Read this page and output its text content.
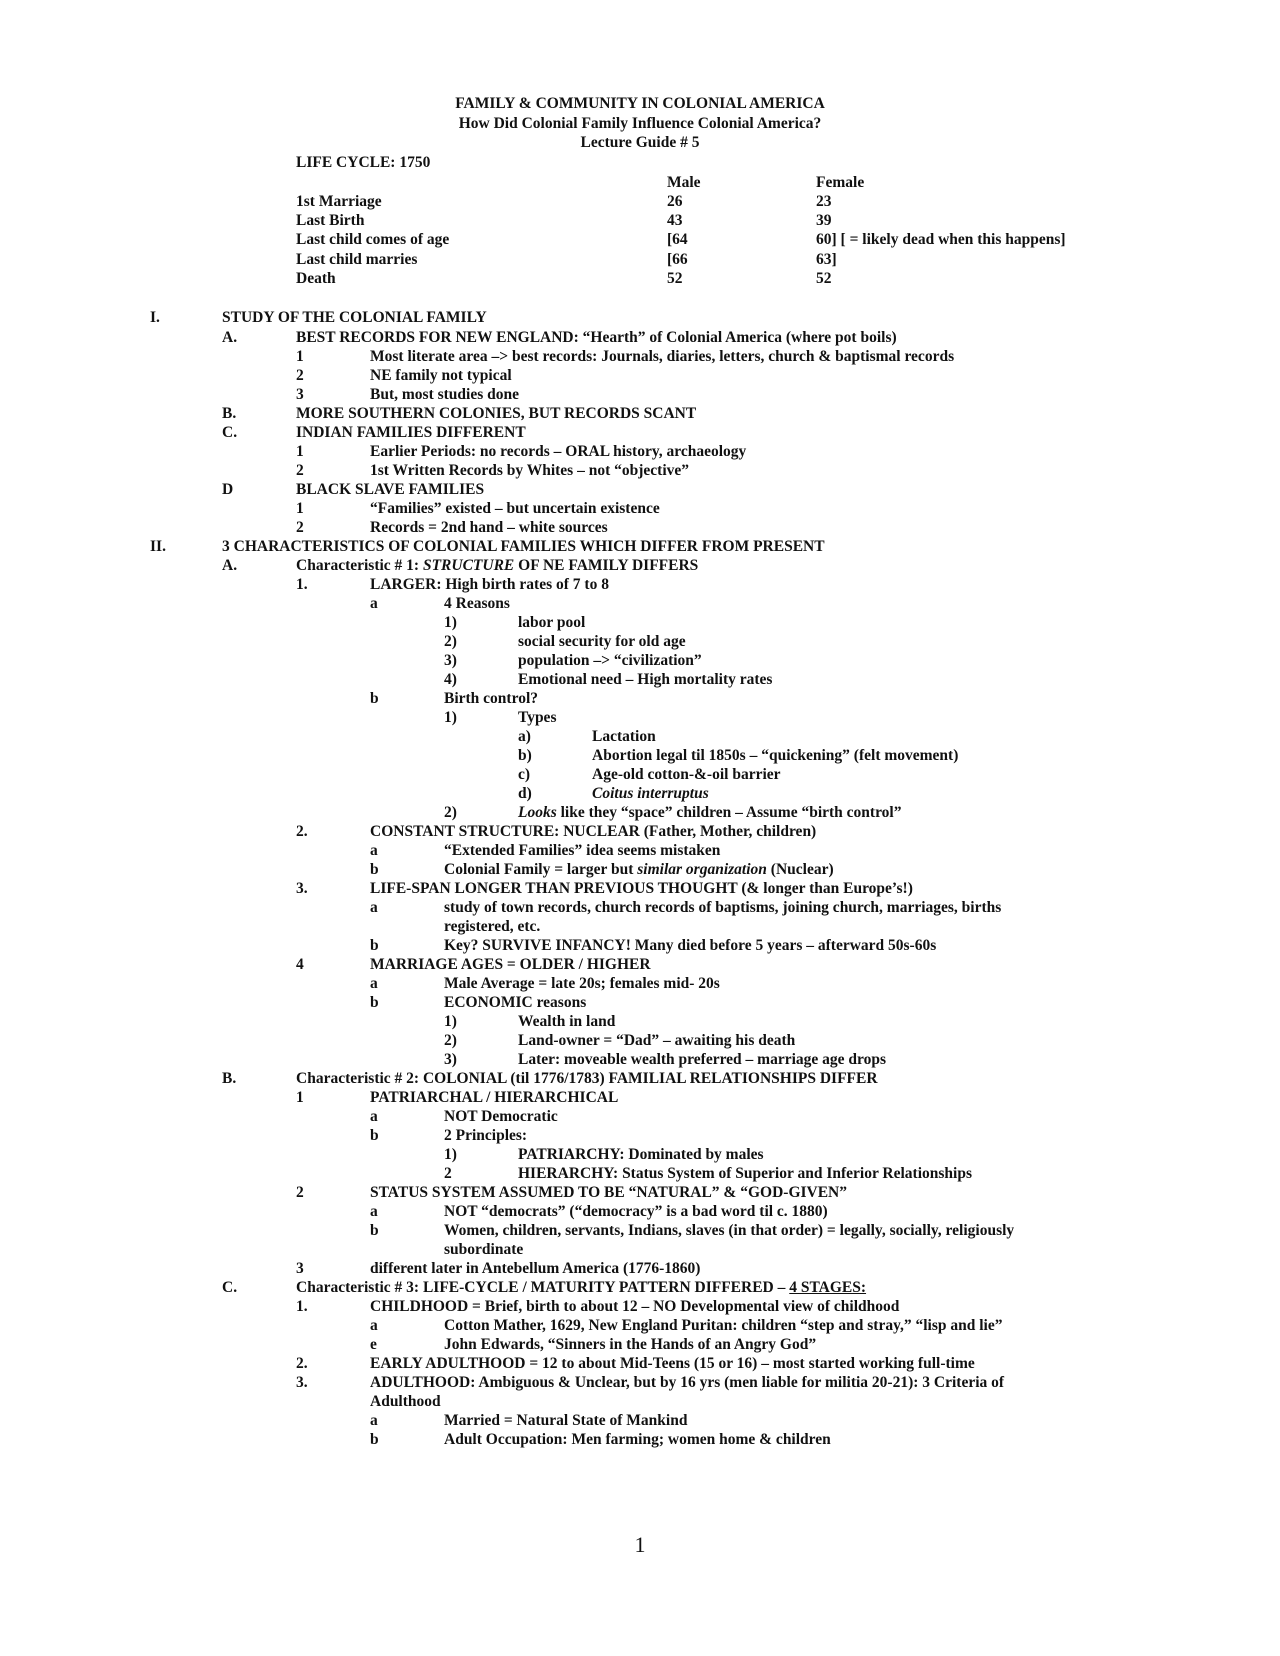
FAMILY & COMMUNITY IN COLONIAL AMERICA
How Did Colonial Family Influence Colonial America?
Lecture Guide # 5
LIFE CYCLE: 1750
Male	Female
1st Marriage	26	23
Last Birth	43	39
Last child comes of age	[64	60] [ = likely dead when this happens]
Last child marries	[66	63]
Death	52	52
I.	STUDY OF THE COLONIAL FAMILY
A.	BEST RECORDS FOR NEW ENGLAND: “Hearth” of Colonial America (where pot boils)
1	Most literate area –> best records: Journals, diaries, letters, church & baptismal records
2	NE family not typical
3	But, most studies done
B.	MORE SOUTHERN COLONIES, BUT RECORDS SCANT
C.	INDIAN FAMILIES DIFFERENT
1	Earlier Periods: no records – ORAL history, archaeology
2	1st Written Records by Whites – not “objective”
D	BLACK SLAVE FAMILIES
1	“Families” existed – but uncertain existence
2	Records = 2nd hand – white sources
II.	3 CHARACTERISTICS OF COLONIAL FAMILIES WHICH DIFFER FROM PRESENT
A.	Characteristic # 1: STRUCTURE OF NE FAMILY DIFFERS
1.	LARGER: High birth rates of 7 to 8
a	4 Reasons
1)	labor pool
2)	social security for old age
3)	population –> “civilization”
4)	Emotional need – High mortality rates
b	Birth control?
1)	Types
a)	Lactation
b)	Abortion legal til 1850s – “quickening” (felt movement)
c)	Age-old cotton-&-oil barrier
d)	Coitus interruptus
2)	Looks like they “space” children – Assume “birth control”
2.	CONSTANT STRUCTURE: NUCLEAR (Father, Mother, children)
a	“Extended Families” idea seems mistaken
b	Colonial Family = larger but similar organization (Nuclear)
3.	LIFE-SPAN LONGER THAN PREVIOUS THOUGHT (& longer than Europe’s!)
a	study of town records, church records of baptisms, joining church, marriages, births
registered, etc.
b	Key? SURVIVE INFANCY! Many died before 5 years – afterward 50s-60s
4	MARRIAGE AGES = OLDER / HIGHER
a	Male Average = late 20s; females mid- 20s
b	ECONOMIC reasons
1)	Wealth in land
2)	Land-owner = “Dad” – awaiting his death
3)	Later: moveable wealth preferred – marriage age drops
B.	Characteristic # 2: COLONIAL (til 1776/1783) FAMILIAL RELATIONSHIPS DIFFER
1	PATRIARCHAL / HIERARCHICAL
a	NOT Democratic
b	2 Principles:
1)	PATRIARCHY: Dominated by males
2	HIERARCHY: Status System of Superior and Inferior Relationships
2	STATUS SYSTEM ASSUMED TO BE “NATURAL” & “GOD-GIVEN”
a	NOT “democrats” (“democracy” is a bad word til c. 1880)
b	Women, children, servants, Indians, slaves (in that order) = legally, socially, religiously
subordinate
3	different later in Antebellum America (1776-1860)
C.	Characteristic # 3: LIFE-CYCLE / MATURITY PATTERN DIFFERED – 4 STAGES:
1.	CHILDHOOD = Brief, birth to about 12 – NO Developmental view of childhood
a	Cotton Mather, 1629, New England Puritan: children “step and stray,” “lisp and lie”
e	John Edwards, “Sinners in the Hands of an Angry God”
2.	EARLY ADULTHOOD = 12 to about Mid-Teens (15 or 16) – most started working full-time
3.	ADULTHOOD: Ambiguous & Unclear, but by 16 yrs (men liable for militia 20-21): 3 Criteria of
Adulthood
a	Married = Natural State of Mankind
b	Adult Occupation: Men farming; women home & children
1
